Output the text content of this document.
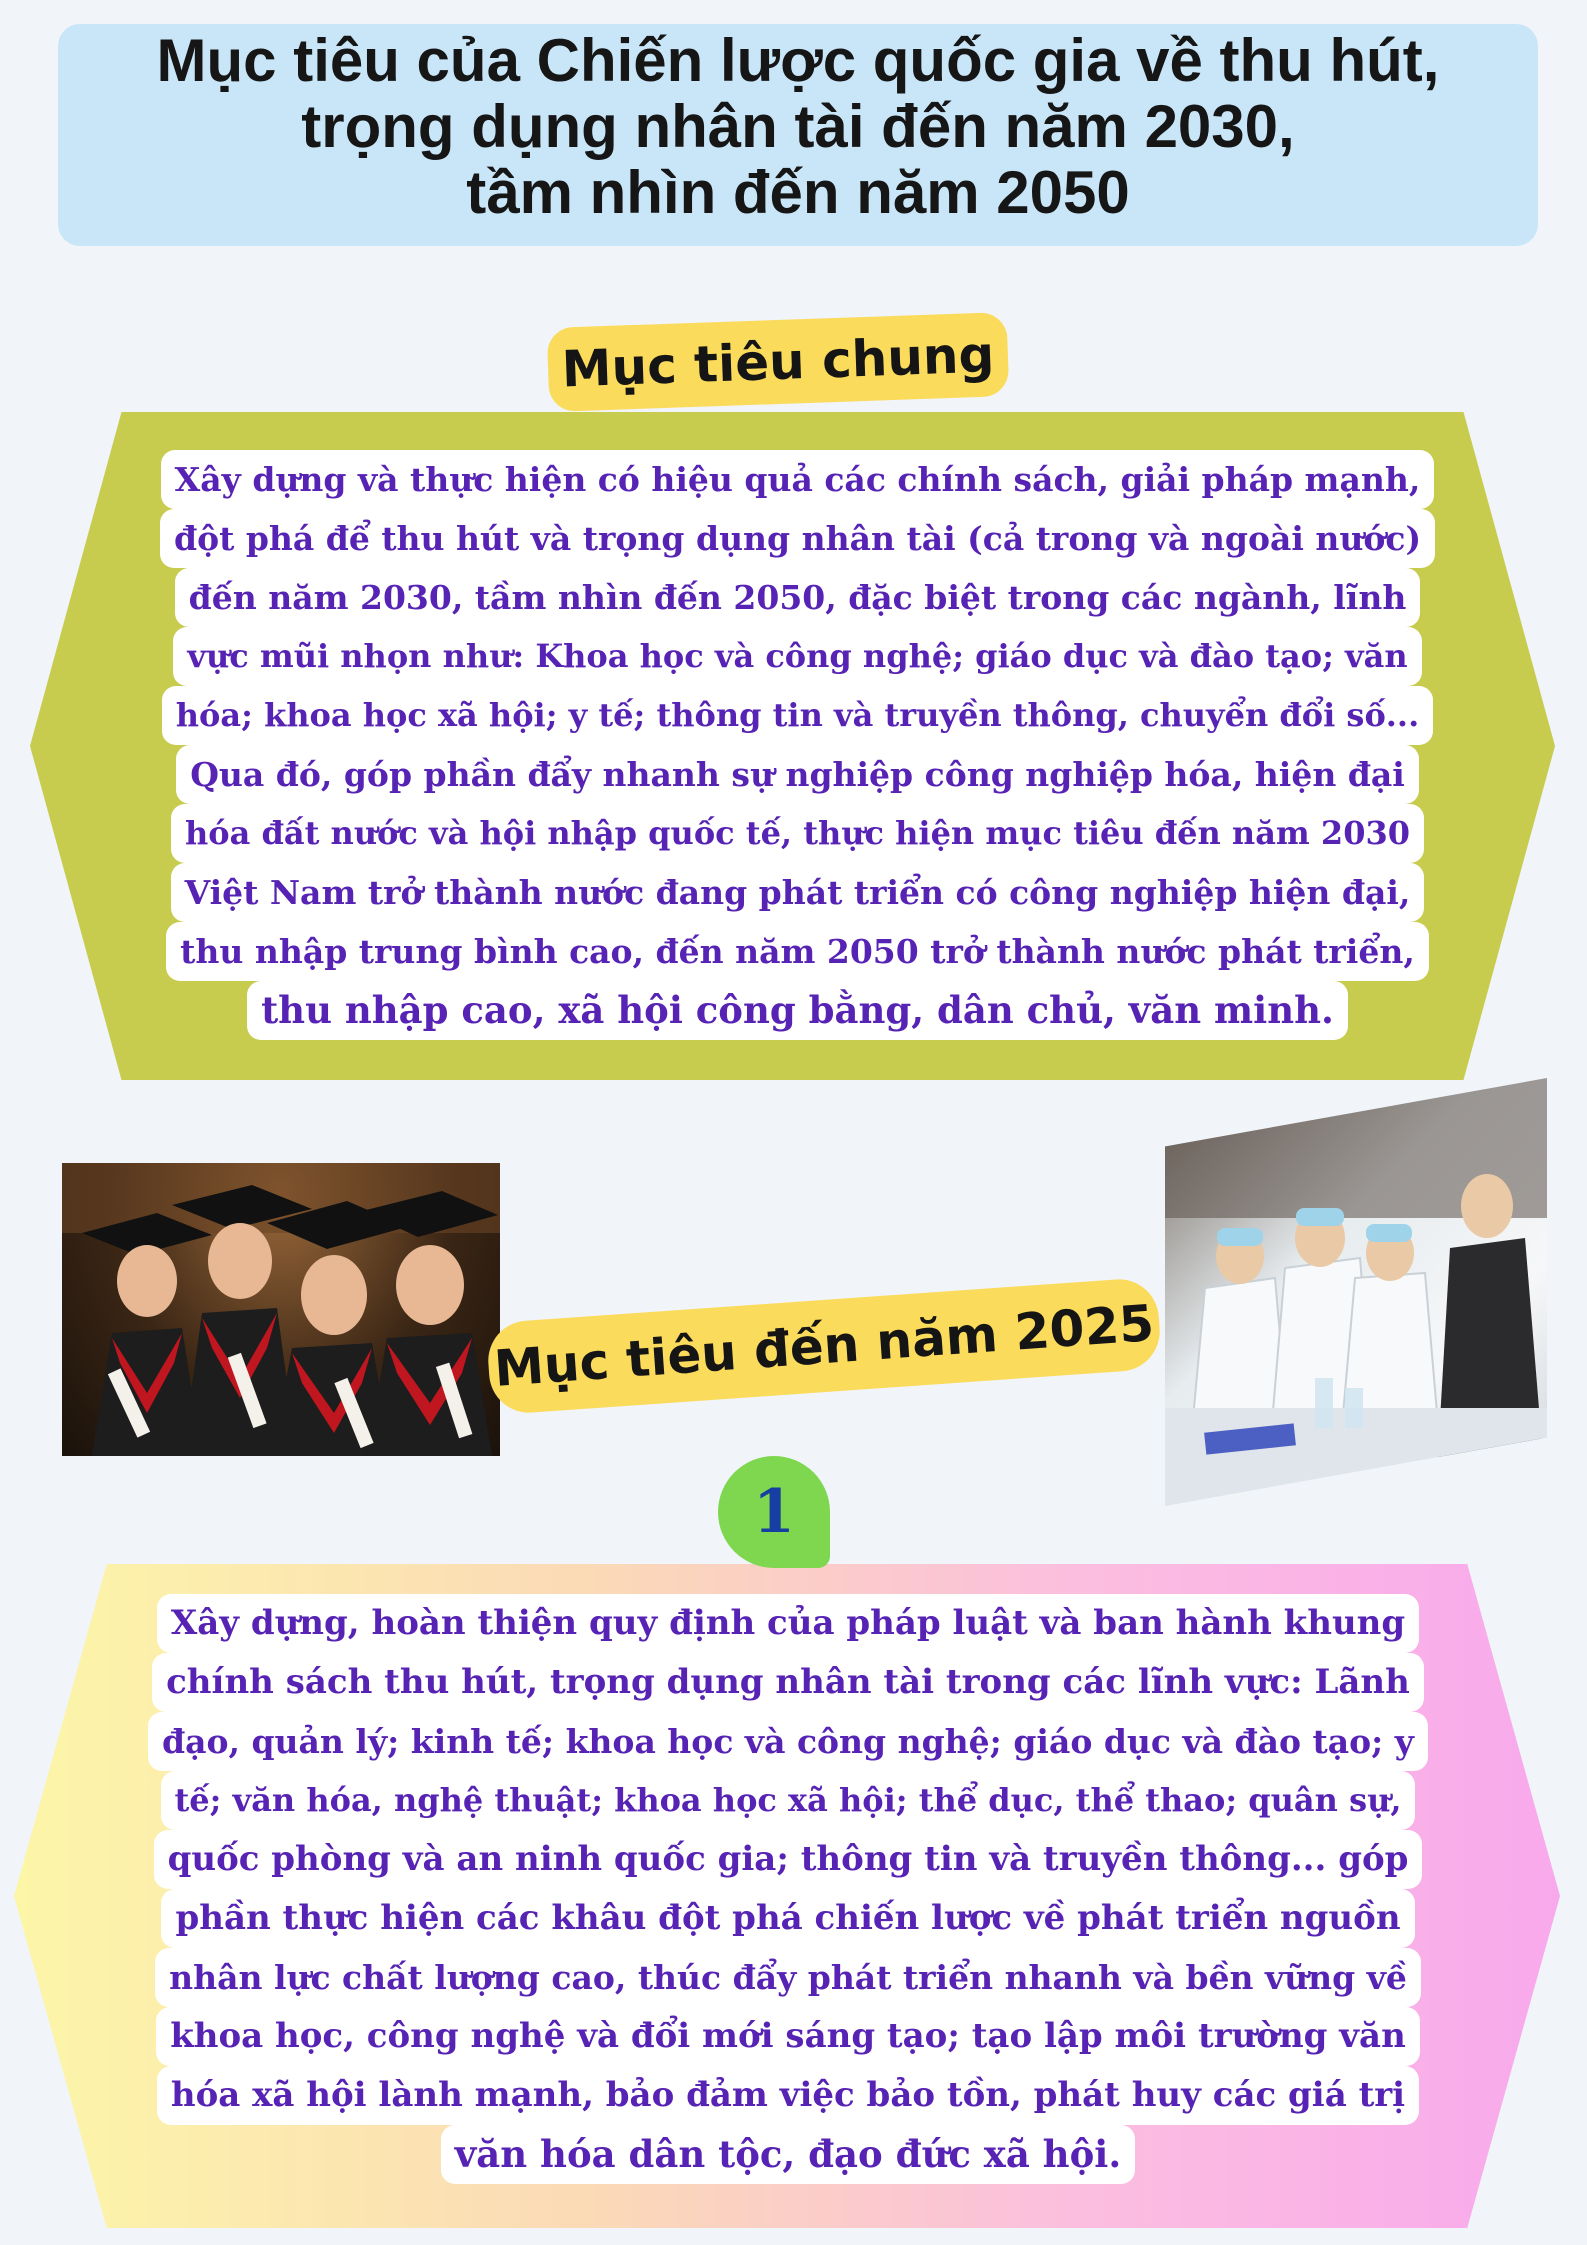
Mục tiêu của Chiến lược quốc gia về thu hút,
trọng dụng nhân tài đến năm 2030,
tầm nhìn đến năm 2050
Mục tiêu chung
Xây dựng và thực hiện có hiệu quả các chính sách, giải pháp mạnh,
đột phá để thu hút và trọng dụng nhân tài (cả trong và ngoài nước)
đến năm 2030, tầm nhìn đến 2050, đặc biệt trong các ngành, lĩnh
vực mũi nhọn như: Khoa học và công nghệ; giáo dục và đào tạo; văn
hóa; khoa học xã hội; y tế; thông tin và truyền thông, chuyển đổi số...
Qua đó, góp phần đẩy nhanh sự nghiệp công nghiệp hóa, hiện đại
hóa đất nước và hội nhập quốc tế, thực hiện mục tiêu đến năm 2030
Việt Nam trở thành nước đang phát triển có công nghiệp hiện đại,
thu nhập trung bình cao, đến năm 2050 trở thành nước phát triển,
thu nhập cao, xã hội công bằng, dân chủ, văn minh.
Mục tiêu đến năm 2025
1
Xây dựng, hoàn thiện quy định của pháp luật và ban hành khung
chính sách thu hút, trọng dụng nhân tài trong các lĩnh vực: Lãnh
đạo, quản lý; kinh tế; khoa học và công nghệ; giáo dục và đào tạo; y
tế; văn hóa, nghệ thuật; khoa học xã hội; thể dục, thể thao; quân sự,
quốc phòng và an ninh quốc gia; thông tin và truyền thông... góp
phần thực hiện các khâu đột phá chiến lược về phát triển nguồn
nhân lực chất lượng cao, thúc đẩy phát triển nhanh và bền vững về
khoa học, công nghệ và đổi mới sáng tạo; tạo lập môi trường văn
hóa xã hội lành mạnh, bảo đảm việc bảo tồn, phát huy các giá trị
văn hóa dân tộc, đạo đức xã hội.
